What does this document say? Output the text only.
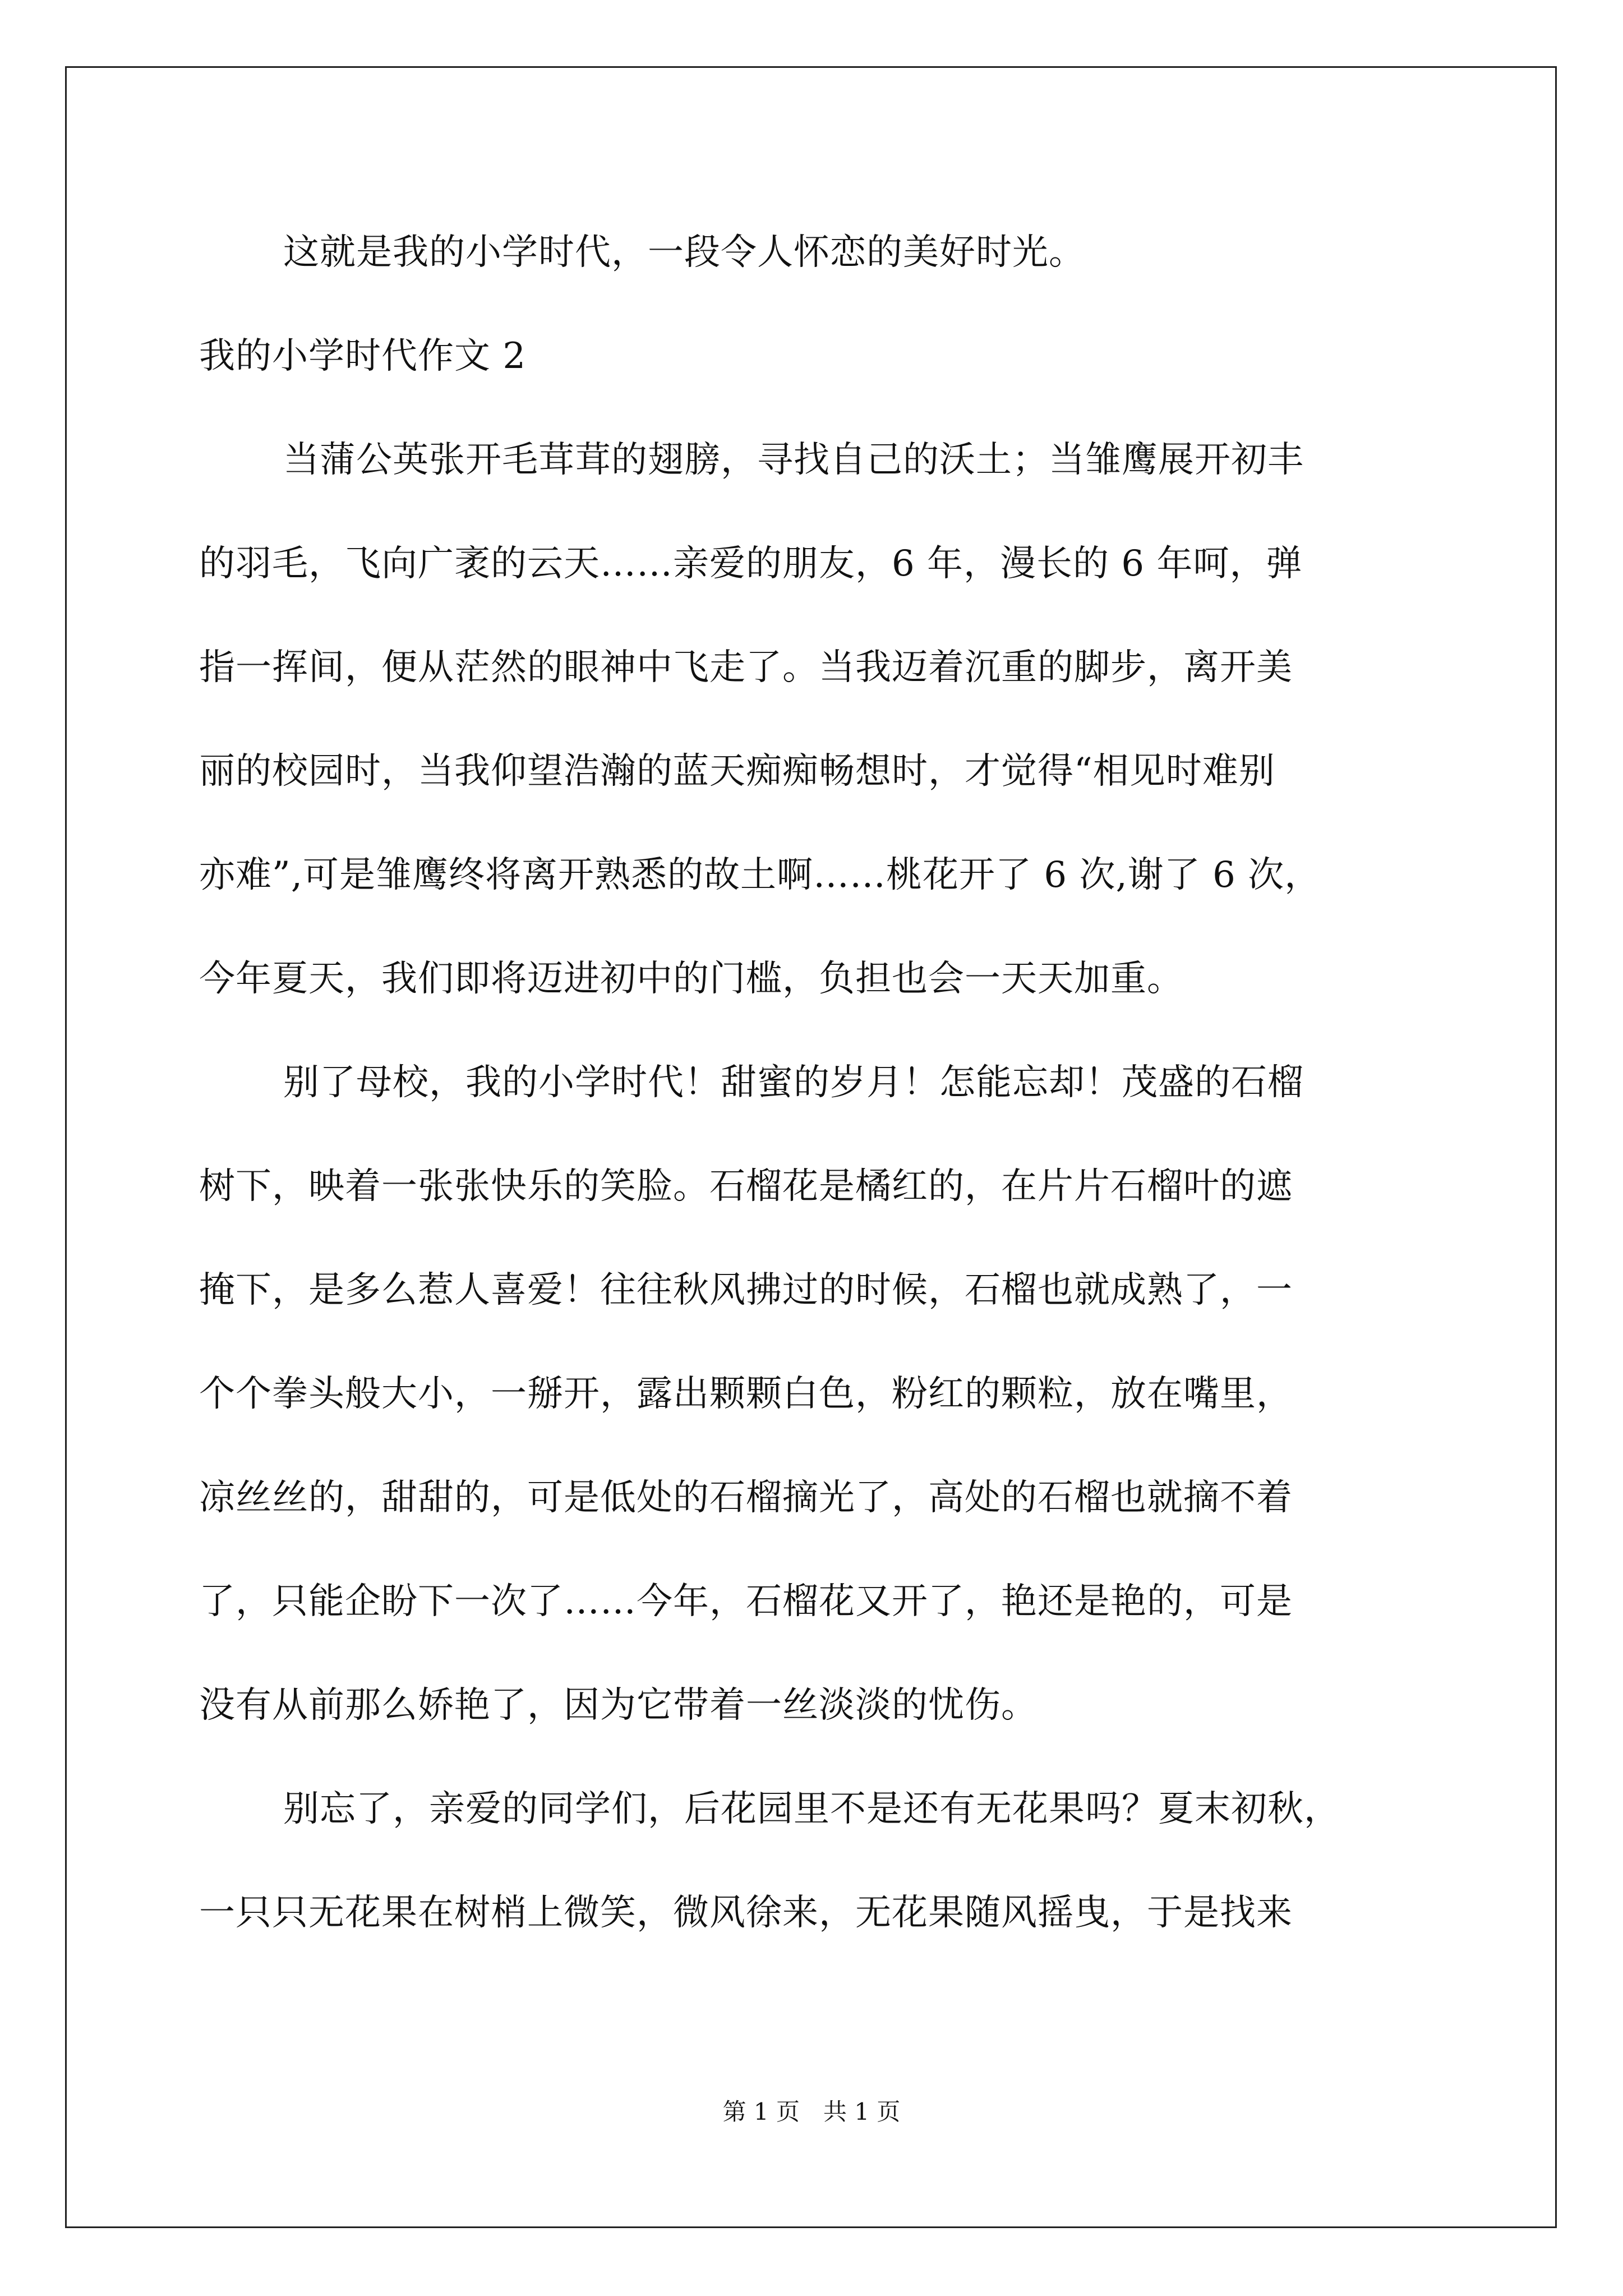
这就是我的小学时代，一段令人怀恋的美好时光。
我的小学时代作文 2
当蒲公英张开毛茸茸的翅膀，寻找自己的沃土；当雏鹰展开初丰
的羽毛，飞向广袤的云天……亲爱的朋友，6 年，漫长的 6 年呵，弹
指一挥间，便从茫然的眼神中飞走了。当我迈着沉重的脚步，离开美
丽的校园时，当我仰望浩瀚的蓝天痴痴畅想时，才觉得“相见时难别
亦难”,可是雏鹰终将离开熟悉的故土啊……桃花开了 6 次,谢了 6 次，
今年夏天，我们即将迈进初中的门槛，负担也会一天天加重。
别了母校，我的小学时代！甜蜜的岁月！怎能忘却！茂盛的石榴
树下，映着一张张快乐的笑脸。石榴花是橘红的，在片片石榴叶的遮
掩下，是多么惹人喜爱！往往秋风拂过的时候，石榴也就成熟了，一
个个拳头般大小，一掰开，露出颗颗白色，粉红的颗粒，放在嘴里，
凉丝丝的，甜甜的，可是低处的石榴摘光了，高处的石榴也就摘不着
了，只能企盼下一次了……今年，石榴花又开了，艳还是艳的，可是
没有从前那么娇艳了，因为它带着一丝淡淡的忧伤。
别忘了，亲爱的同学们，后花园里不是还有无花果吗？夏末初秋，
一只只无花果在树梢上微笑，微风徐来，无花果随风摇曳，于是找来
第 1 页　共 1 页
